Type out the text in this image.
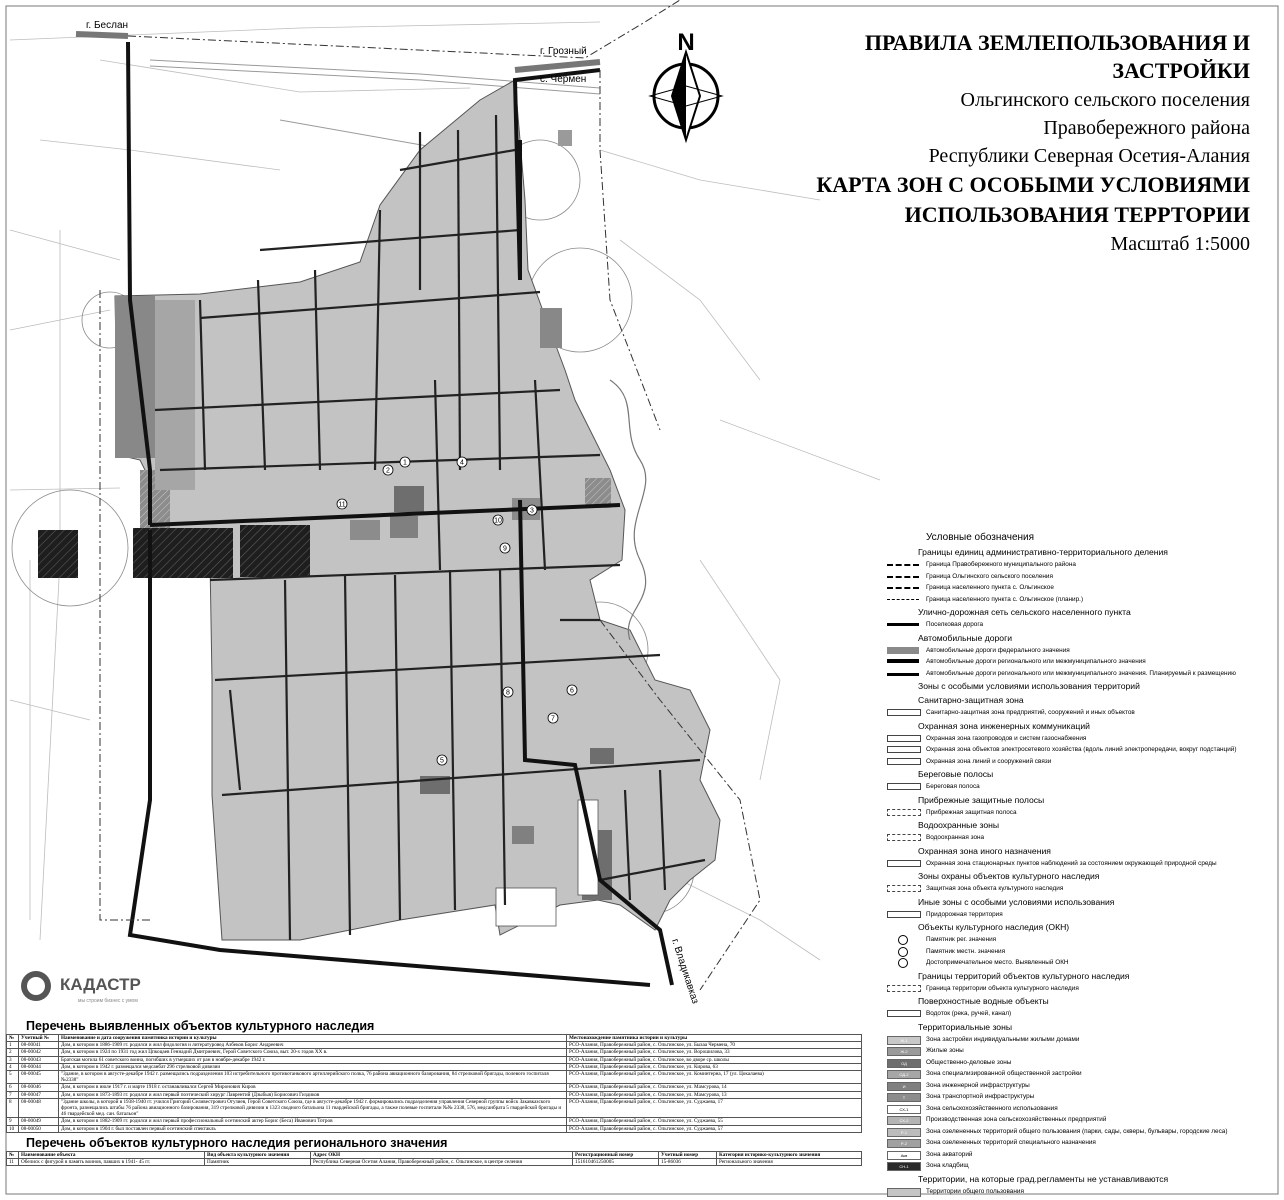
N
г. Беслан
г. Грозный
с. Чермен
г. Владикавказ
1
2
3
4
5
6
7
8
9
10
11
ПРАВИЛА ЗЕМЛЕПОЛЬЗОВАНИЯ И
ЗАСТРОЙКИ
Ольгинского сельского поселения
Правобережного района
Республики Северная Осетия-Алания
КАРТА ЗОН С ОСОБЫМИ УСЛОВИЯМИ
ИСПОЛЬЗОВАНИЯ ТЕРРТОРИИ
Масштаб 1:5000
Условные обозначения
Границы единиц административно-территориального деления
Граница Правобережного муниципального района
Граница Ольгинского сельского поселения
Граница населенного пункта с. Ольгинское
Граница населенного пункта с. Ольгинское (планир.)
Улично-дорожная сеть сельского населенного пункта
Поселковая дорога
Автомобильные дороги
Автомобильные дороги федерального значения
Автомобильные дороги регионального или межмуниципального значения
Автомобильные дороги регионального или межмуниципального значения. Планируемый к размещению
Зоны с особыми условиями использования территорий
Санитарно-защитная зона
Санитарно-защитная зона предприятий, сооружений и иных объектов
Охранная зона инженерных коммуникаций
Охранная зона газопроводов и систем газоснабжения
Охранная зона объектов электросетевого хозяйства (вдоль линий электропередачи, вокруг подстанций)
Охранная зона линий и сооружений связи
Береговые полосы
Береговая полоса
Прибрежные защитные полосы
Прибрежная защитная полоса
Водоохранные зоны
Водоохранная зона
Охранная зона иного назначения
Охранная зона стационарных пунктов наблюдений за состоянием окружающей природной среды
Зоны охраны объектов культурного наследия
Защитная зона объекта культурного наследия
Иные зоны с особыми условиями использования
Придорожная территория
Объекты культурного наследия (ОКН)
Памятник рег. значения
Памятник местн. значения
Достопримечательное место. Выявленный ОКН
Границы территорий объектов культурного наследия
Граница территории объекта культурного наследия
Поверхностные водные объекты
Водоток (река, ручей, канал)
Территориальные зоны
Ж-1	Зона застройки индивидуальными жилыми домами
Ж-2	Жилые зоны
ОД	Общественно-деловые зоны
ОД-2	Зона специализированной общественной застройки
И	Зона инженерной инфраструктуры
Т	Зона транспортной инфраструктуры
СХ-1	Зона сельскохозяйственного использования
СХ-2	Производственная зона сельскохозяйственных предприятий
Р-1	Зона озелененных территорий общего пользования (парки, сады, скверы, бульвары, городские леса)
Р-2	Зона озелененных территорий специального назначения
Акв	Зона акваторий
СН-1	Зона кладбищ
Территории, на которые град.регламенты не устанавливаются
Территории общего пользования
КАДАСТР
мы строим бизнес с умом
Перечень выявленных объектов культурного наследия
№	Учетный №	Наименование и дата сооружения памятника истории и культуры	Местонахождение памятника истории и культуры
1	08-00041	Дом, в котором в 1886-1909 гг. родился и жил фидология и литературовед Азбеков Борис Андреевич	РСО-Алания, Правобережный район, с. Ольгинское, ул. Бызаа Чермена, 70
2	08-00042	Дом, в котором в 1924 по 1931 год жил Цпкоцаев Геннадий Дмитриевич, Герой Советского Союза, выт. 20-х годов XX в.	РСО-Алания, Правобережный район, с. Ольгинское, ул. Ворошилова, 33
3	08-00043	Братская могила 61 советского воина, погибших в утмерших от ран в ноябре-декабре 1942 г.	РСО-Алания, Правобережный район, с. Ольгинское, во дворе ср. школы
4	08-00044	Дом, в котором в 1942 г. размещался медсанбат 296 стрелковой дивизии	РСО-Алания, Правобережный район, с. Ольгинское, ул. Кирова, 63
5	08-00045	"Здание, в котором в августе-декабре 1942 г. размещались подразделения 103 истребительного противотанкового артиллерийского полка, 76 района авиационного базирования, 84 стрелковой бригады, полевого госпиталя №2338"	РСО-Алания, Правобережный район, с. Ольгинское, ул. Коминтерна, 17 (ул. Цокалаева)
6	08-00046	Дом, в котором в июле 1917 г. и марте 1918 г. останавливался Сергей Миронович Киров	РСО-Алания, Правобережный район, с. Ольгинское, ул. Мамсурова, 14
7	08-00047	Дом, в котором в 1873-1893 гг. родился и жил первый поэтический хирург Лаврентий (Дзыбыя) Борисович Гиздиков	РСО-Алания, Правобережный район, с. Ольгинское, ул. Мамсурова, 13
8	08-00048	"Здание школы, в которой в 1938-1940 гг. учился Григорий Селивестрович Огузиев, Герой Советского Союза, где в августе-декабре 1942 г. формировались подразделения управления Северной группы войск Закавказского фронта, размещались штабы 76 района авиационного базирования, 319 стрелковой дивизии в 1323 сводного батальона 11 гвардейской бригады, а также полевые госпитали №№ 2338, 576, медсанбрата 5 гвардейской бригады и 46 гвардейской мед. сан. батальон"	РСО-Алания, Правобережный район, с. Ольгинское, ул. Суджаева, 17
9	08-00049	Дом, в котором в 1882-1909 гг. родился и жил первый профессиональный осетинский актер Борис (Беса) Иванович Тотров	РСО-Алания, Правобережный район, с. Ольгинское, ул. Суджаева, 55
10	08-00050	Дом, в котором в 1904 г. был поставлен первый осетинский спектакль	РСО-Алания, Правобережный район, с. Ольгинское, ул. Суджаева, 57
Перечень объектов культурного наследия регионального значения
№	Наименование объекта	Вид объекта культурного значения	Адрес ОКН	Регистрационный номер	Учетный номер	Категория историко-культурного значения
11	Обелиск с фигурой в память воинов, павших в 1941- 45 гг.	Памятник	Республика Северная Осетия Алания, Правобережный район, с. Ольгинское, в центре селения	151610461250005	15-86036	Регионального значения
